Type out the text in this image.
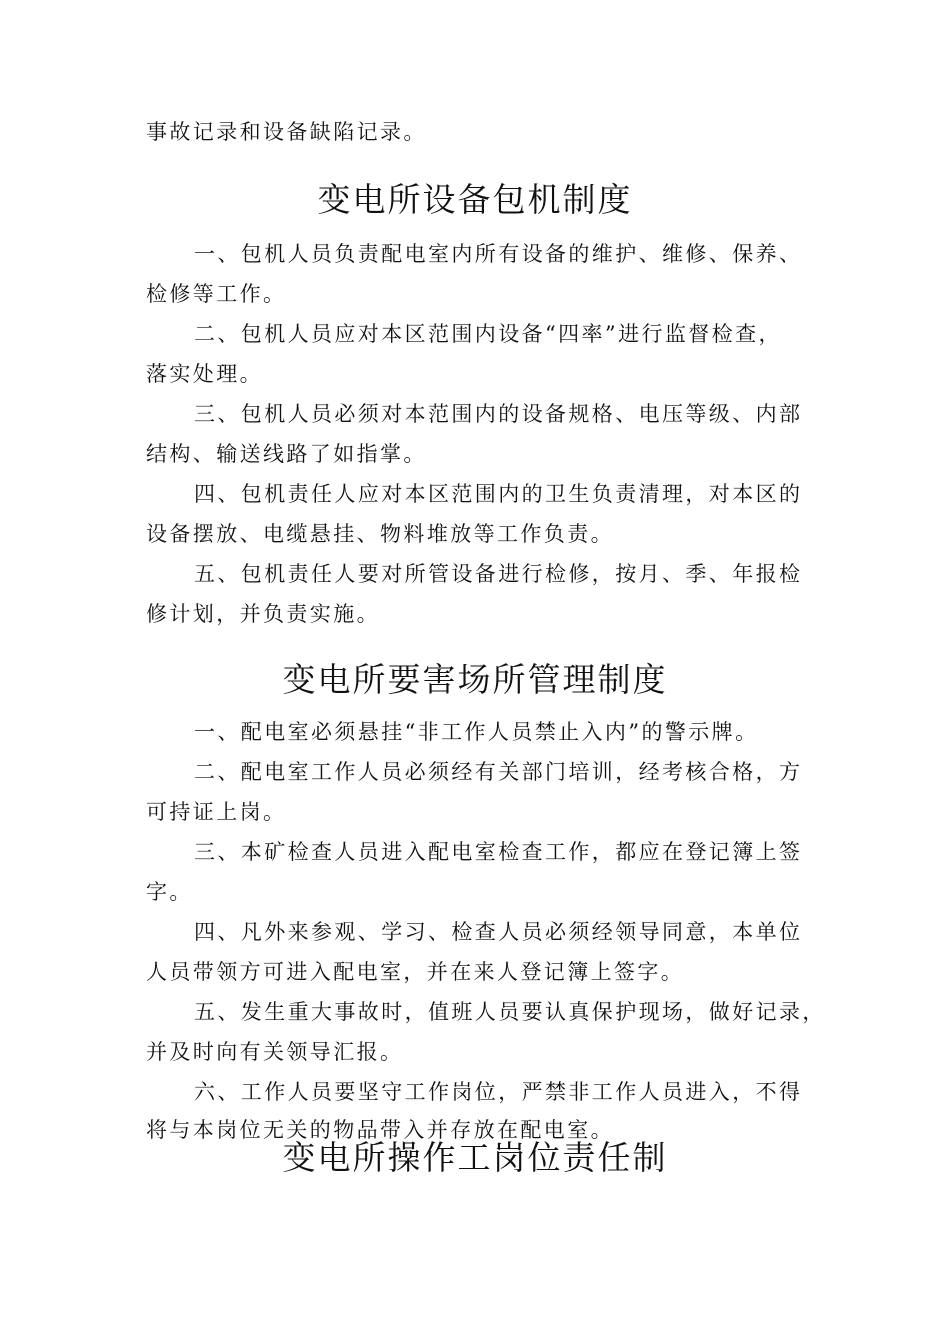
事故记录和设备缺陷记录。
变电所设备包机制度
一、包机人员负责配电室内所有设备的维护、维修、保养、
检修等工作。
二、包机人员应对本区范围内设备“四率”进行监督检查，
落实处理。
三、包机人员必须对本范围内的设备规格、电压等级、内部
结构、输送线路了如指掌。
四、包机责任人应对本区范围内的卫生负责清理，对本区的
设备摆放、电缆悬挂、物料堆放等工作负责。
五、包机责任人要对所管设备进行检修，按月、季、年报检
修计划，并负责实施。
变电所要害场所管理制度
一、配电室必须悬挂“非工作人员禁止入内”的警示牌。
二、配电室工作人员必须经有关部门培训，经考核合格，方
可持证上岗。
三、本矿检查人员进入配电室检查工作，都应在登记簿上签
字。
四、凡外来参观、学习、检查人员必须经领导同意，本单位
人员带领方可进入配电室，并在来人登记簿上签字。
五、发生重大事故时，值班人员要认真保护现场，做好记录，
并及时向有关领导汇报。
六、工作人员要坚守工作岗位，严禁非工作人员进入，不得
将与本岗位无关的物品带入并存放在配电室。
变电所操作工岗位责任制
